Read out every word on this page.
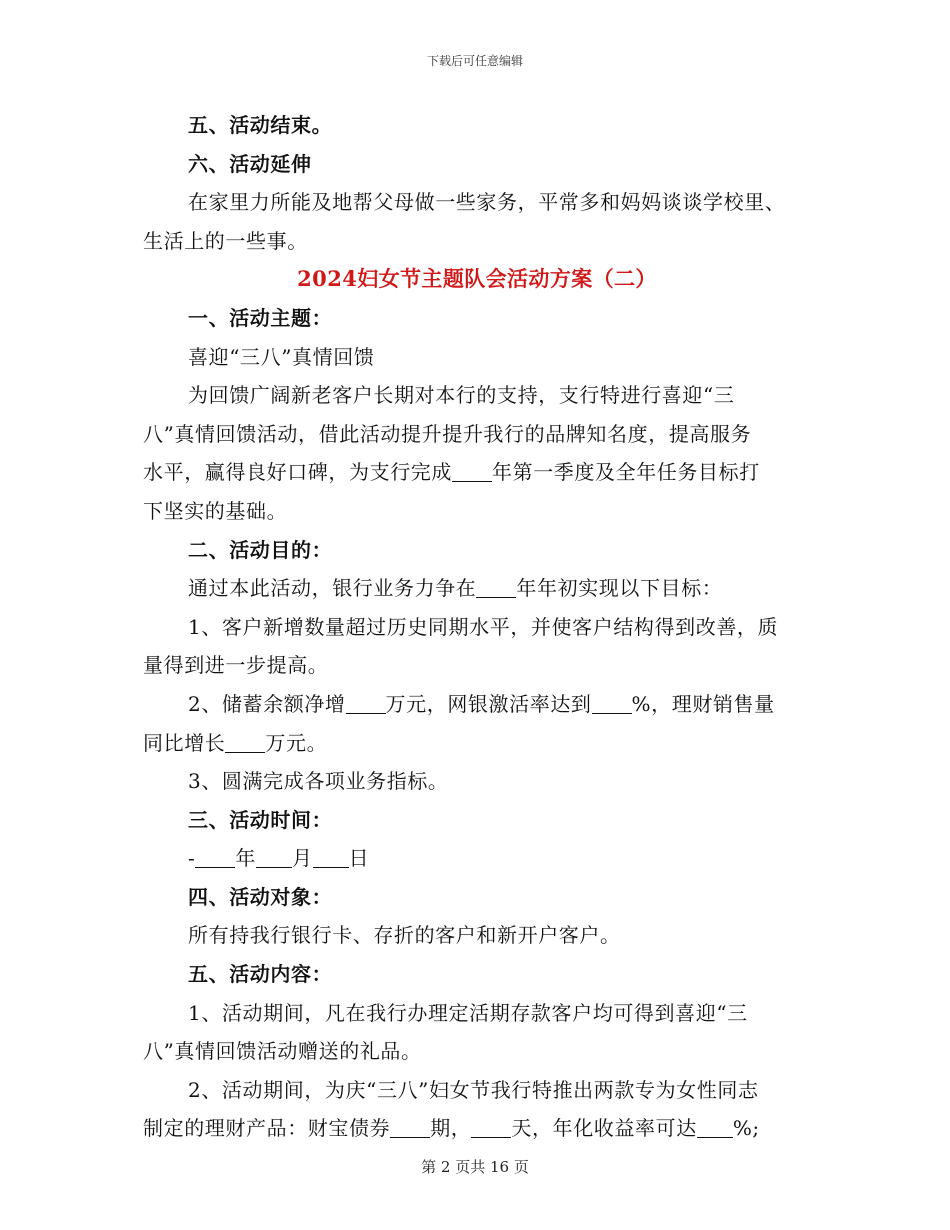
下载后可任意编辑
五、活动结束。
六、活动延伸
在家里力所能及地帮父母做一些家务，平常多和妈妈谈谈学校里、
生活上的一些事。
2024妇女节主题队会活动方案（二）
一、活动主题：
喜迎“三八”真情回馈
为回馈广阔新老客户长期对本行的支持，支行特进行喜迎“三
八”真情回馈活动，借此活动提升提升我行的品牌知名度，提高服务
水平，赢得良好口碑，为支行完成 年第一季度及全年任务目标打
下坚实的基础。
二、活动目的：
通过本此活动，银行业务力争在 年年初实现以下目标：
1、客户新增数量超过历史同期水平，并使客户结构得到改善，质
量得到进一步提高。
2、储蓄余额净增 万元，网银激活率达到 %，理财销售量
同比增长 万元。
3、圆满完成各项业务指标。
三、活动时间：
- 年 月 日
四、活动对象：
所有持我行银行卡、存折的客户和新开户客户。
五、活动内容：
1、活动期间，凡在我行办理定活期存款客户均可得到喜迎“三
八”真情回馈活动赠送的礼品。
2、活动期间，为庆“三八”妇女节我行特推出两款专为女性同志
制定的理财产品：财宝债券 期， 天，年化收益率可达 %;
第 2 页共 16 页
